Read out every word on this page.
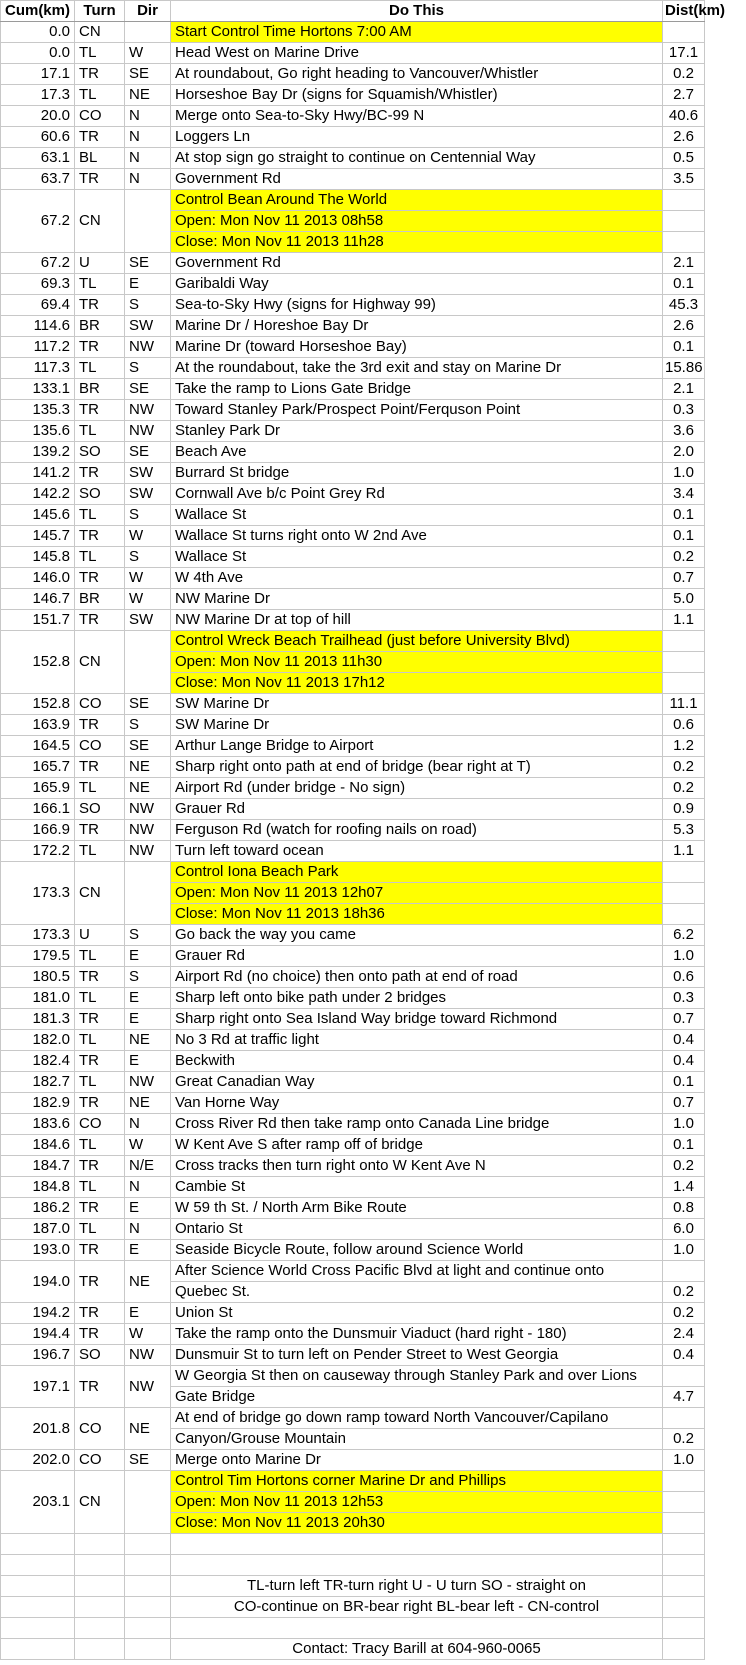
Cum(km)	Turn	Dir	Do This	Dist(km)
0.0	CN		Start Control Time Hortons 7:00 AM	
0.0	TL	W	Head West on Marine Drive	17.1
17.1	TR	SE	At roundabout, Go right heading to Vancouver/Whistler	0.2
17.3	TL	NE	Horseshoe Bay Dr (signs for Squamish/Whistler)	2.7
20.0	CO	N	Merge onto Sea-to-Sky Hwy/BC-99 N	40.6
60.6	TR	N	Loggers Ln	2.6
63.1	BL	N	At stop sign go straight to continue on Centennial Way	0.5
63.7	TR	N	Government Rd	3.5
67.2	CN		Control Bean Around The World	
			Open: Mon Nov 11 2013 08h58	
			Close: Mon Nov 11 2013 11h28	
67.2	U	SE	Government Rd	2.1
69.3	TL	E	Garibaldi Way	0.1
69.4	TR	S	Sea-to-Sky Hwy (signs for Highway 99)	45.3
114.6	BR	SW	Marine Dr / Horeshoe Bay Dr	2.6
117.2	TR	NW	Marine Dr (toward Horseshoe Bay)	0.1
117.3	TL	S	At the roundabout, take the 3rd exit and stay on Marine Dr	15.86
133.1	BR	SE	Take the ramp to Lions Gate Bridge	2.1
135.3	TR	NW	Toward Stanley Park/Prospect Point/Ferquson Point	0.3
135.6	TL	NW	Stanley Park Dr	3.6
139.2	SO	SE	Beach Ave	2.0
141.2	TR	SW	Burrard St bridge	1.0
142.2	SO	SW	Cornwall Ave b/c Point Grey Rd	3.4
145.6	TL	S	Wallace St	0.1
145.7	TR	W	Wallace St turns right onto W 2nd Ave	0.1
145.8	TL	S	Wallace St	0.2
146.0	TR	W	W 4th Ave	0.7
146.7	BR	W	NW Marine Dr	5.0
151.7	TR	SW	NW Marine Dr at top of hill	1.1
152.8	CN		Control Wreck Beach Trailhead (just before University Blvd)	
			Open: Mon Nov 11 2013 11h30	
			Close: Mon Nov 11 2013 17h12	
152.8	CO	SE	SW Marine Dr	11.1
163.9	TR	S	SW Marine Dr	0.6
164.5	CO	SE	Arthur Lange Bridge to Airport	1.2
165.7	TR	NE	Sharp right onto path at end of bridge (bear right at T)	0.2
165.9	TL	NE	Airport Rd (under bridge - No sign)	0.2
166.1	SO	NW	Grauer Rd	0.9
166.9	TR	NW	Ferguson Rd (watch for roofing nails on road)	5.3
172.2	TL	NW	Turn left toward ocean	1.1
173.3	CN		Control Iona Beach Park	
			Open: Mon Nov 11 2013 12h07	
			Close: Mon Nov 11 2013 18h36	
173.3	U	S	Go back the way you came	6.2
179.5	TL	E	Grauer Rd	1.0
180.5	TR	S	Airport Rd (no choice) then onto path at end of road	0.6
181.0	TL	E	Sharp left onto bike path under 2 bridges	0.3
181.3	TR	E	Sharp right onto Sea Island Way bridge toward Richmond	0.7
182.0	TL	NE	No 3 Rd at traffic light	0.4
182.4	TR	E	Beckwith	0.4
182.7	TL	NW	Great Canadian Way	0.1
182.9	TR	NE	Van Horne Way	0.7
183.6	CO	N	Cross River Rd then take ramp onto Canada Line bridge	1.0
184.6	TL	W	W Kent Ave S after ramp off of bridge	0.1
184.7	TR	N/E	Cross tracks then turn right onto W Kent Ave N	0.2
184.8	TL	N	Cambie St	1.4
186.2	TR	E	W 59 th St. / North Arm Bike Route	0.8
187.0	TL	N	Ontario St	6.0
193.0	TR	E	Seaside Bicycle Route, follow around Science World	1.0
194.0	TR	NE	After Science World Cross Pacific Blvd at light and continue onto	
			Quebec St.	0.2
194.2	TR	E	Union St	0.2
194.4	TR	W	Take the ramp onto the Dunsmuir Viaduct (hard right - 180)	2.4
196.7	SO	NW	Dunsmuir St to turn left on Pender Street to West Georgia	0.4
197.1	TR	NW	W Georgia St then on causeway through Stanley Park and over Lions	
			Gate Bridge	4.7
201.8	CO	NE	At end of bridge go down ramp toward North Vancouver/Capilano	
			Canyon/Grouse Mountain	0.2
202.0	CO	SE	Merge onto Marine Dr	1.0
203.1	CN		Control Tim Hortons corner Marine Dr and Phillips	
			Open: Mon Nov 11 2013 12h53	
			Close: Mon Nov 11 2013 20h30	

			TL-turn left TR-turn right U - U turn SO - straight on	
			CO-continue on BR-bear right BL-bear left - CN-control	

			Contact: Tracy Barill at 604-960-0065	
